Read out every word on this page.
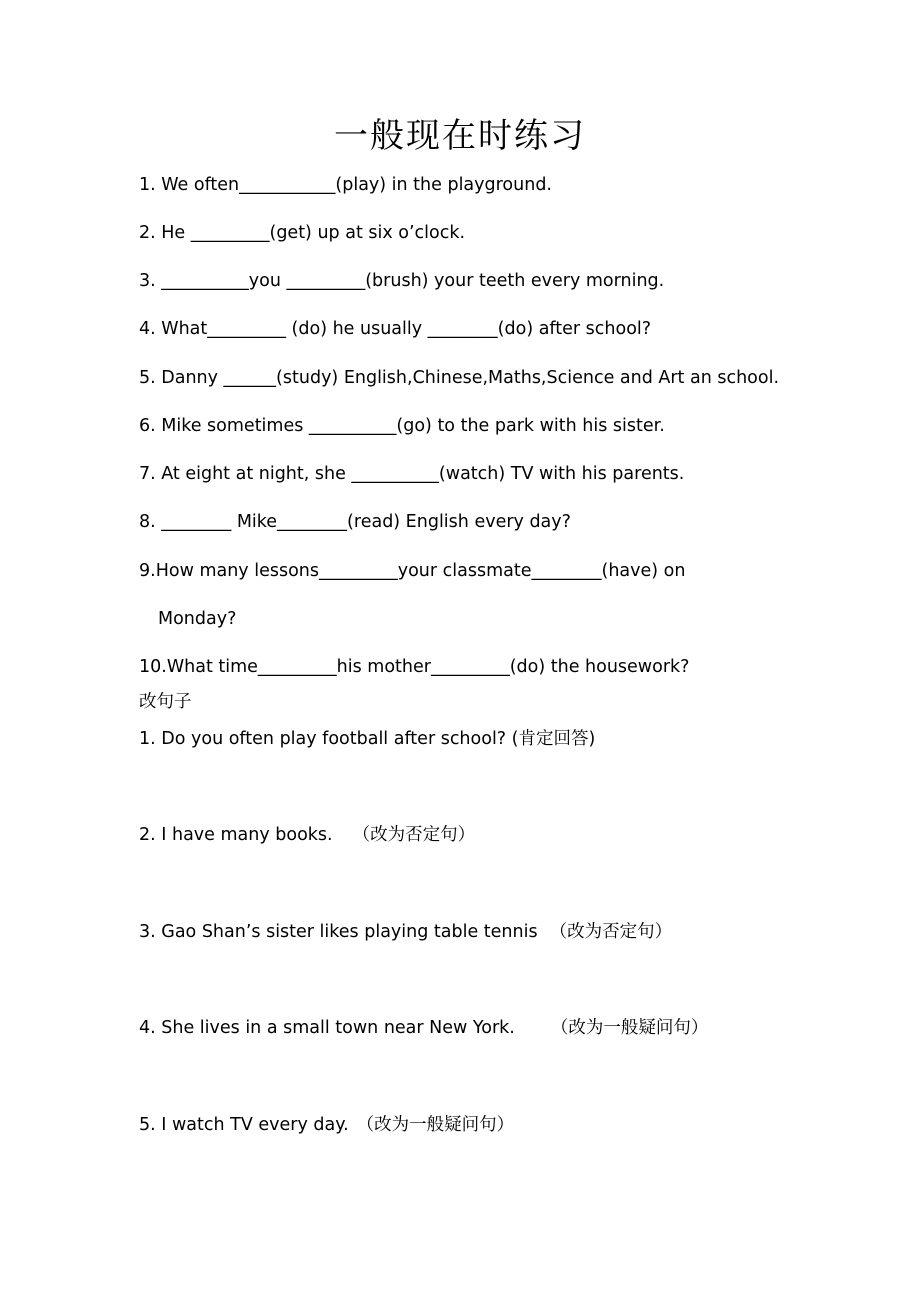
一般现在时练习
1. We often___________(play) in the playground.
2. He _________(get) up at six o’clock.
3. __________you _________(brush) your teeth every morning.
4. What_________ (do) he usually ________(do) after school?
5. Danny ______(study) English,Chinese,Maths,Science and Art an school.
6. Mike sometimes __________(go) to the park with his sister.
7. At eight at night, she __________(watch) TV with his parents.
8. ________ Mike________(read) English every day?
9.How many lessons_________your classmate________(have) on
Monday?
10.What time_________his mother_________(do) the housework?
改句子
1. Do you often play football after school? (肯定回答)
2. I have many books. （改为否定句）
3. Gao Shan’s sister likes playing table tennis （改为否定句）
4. She lives in a small town near New York. （改为一般疑问句）
5. I watch TV every day. （改为一般疑问句）
